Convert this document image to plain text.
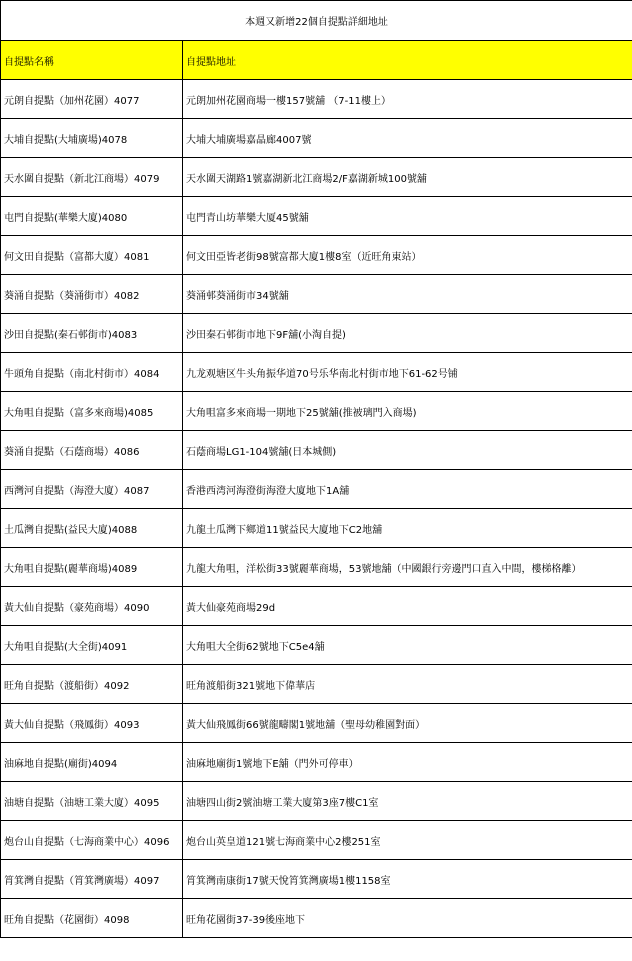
本週又新增22個自提點詳細地址	
自提點名稱	自提點地址
元朗自提點（加州花園）4077	元朗加州花園商場一樓157號舖 （7-11樓上）
大埔自提點(大埔廣場)4078	大埔大埔廣場嘉晶廊4007號
天水圍自提點（新北江商場）4079	天水圍天湖路1號嘉湖新北江商場2/F嘉湖新城100號舖
屯門自提點(華樂大廈)4080	屯門青山坊華樂大厦45號舖
何文田自提點（富都大廈）4081	何文田亞皆老街98號富都大廈1樓8室（近旺角東站）
葵涌自提點（葵涌街市）4082	葵涌邨葵涌街市34號舖
沙田自提點(秦石邨街市)4083	沙田秦石邨街市地下9F舖(小淘自提)
牛頭角自提點（南北村街市）4084	九龙观塘区牛头角振华道70号乐华南北村街市地下61-62号铺
大角咀自提點（富多來商場)4085	大角咀富多來商場一期地下25號舖(推被璃門入商場)
葵涌自提點（石蔭商場）4086	石蔭商場LG1-104號舖(日本城側)
西灣河自提點（海澄大廈）4087	香港西湾河海澄街海澄大廈地下1A舖
土瓜灣自提點(益民大廈)4088	九龍土瓜灣下鄉道11號益民大廈地下C2地舖
大角咀自提點(麗華商場)4089	九龍大角咀，洋松街33號麗華商場，53號地舖（中國銀行旁邊門口直入中間，樓梯格離）
黃大仙自提點（豪苑商場）4090	黃大仙豪苑商場29d
大角咀自提點(大全街)4091	大角咀大全街62號地下C5e4舖
旺角自提點（渡船街）4092	旺角渡船街321號地下偉華店
黃大仙自提點（飛鳳街）4093	黃大仙飛鳳街66號龍疇閣1號地舖（聖母幼稚園對面）
油麻地自提點(廟街)4094	油麻地廟街1號地下E舖（門外可停車）
油塘自提點（油塘工業大廈）4095	油塘四山街2號油塘工業大廈第3座7樓C1室
炮台山自提點（七海商業中心）4096	炮台山英皇道121號七海商業中心2樓251室
筲箕灣自提點（筲箕灣廣場）4097	筲箕灣南康街17號天悅筲箕灣廣場1樓1158室
旺角自提點（花園街）4098	旺角花園街37-39後座地下
